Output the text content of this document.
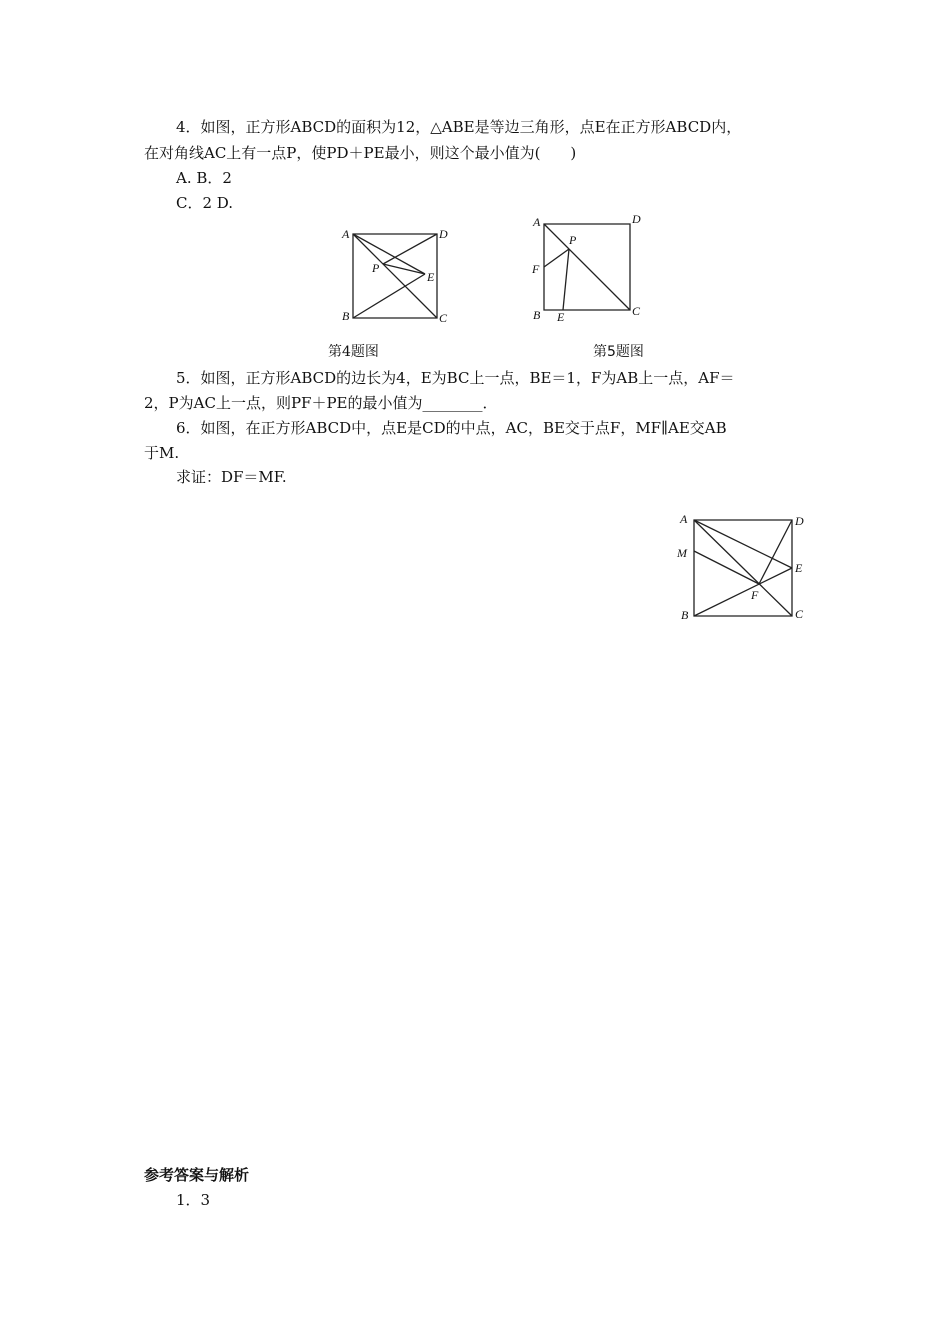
4．如图，正方形ABCD的面积为12，△ABE是等边三角形，点E在正方形ABCD内，
在对角线AC上有一点P，使PD＋PE最小，则这个最小值为(　　)
A. B．2
C．2 D.
A	D
P
E
B	C
第4题图
A	D
P
F
B E	C
第5题图
5．如图，正方形ABCD的边长为4，E为BC上一点，BE＝1，F为AB上一点，AF＝
2，P为AC上一点，则PF＋PE的最小值为________．
6．如图，在正方形ABCD中，点E是CD的中点，AC，BE交于点F，MF∥AE交AB
于M.
求证：DF＝MF.
A	D
M
E
F
B	C
参考答案与解析
1．3
